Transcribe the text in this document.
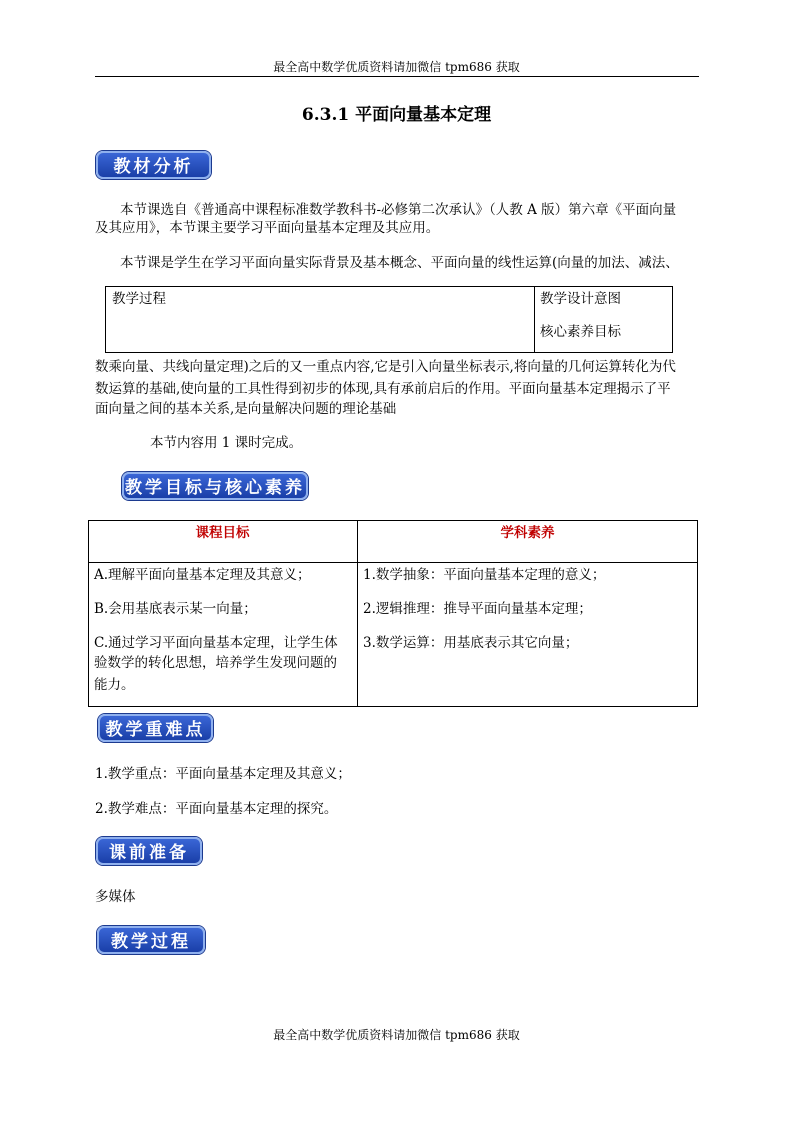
最全高中数学优质资料请加微信 tpm686 获取
6.3.1 平面向量基本定理
教材分析
本节课选自《普通高中课程标准数学教科书-必修第二次承认》（人教 A 版）第六章《平面向量
及其应用》，本节课主要学习平面向量基本定理及其应用。
本节课是学生在学习平面向量实际背景及基本概念、平面向量的线性运算(向量的加法、减法、
教学过程	教学设计意图
核心素养目标
数乘向量、共线向量定理)之后的又一重点内容,它是引入向量坐标表示,将向量的几何运算转化为代
数运算的基础,使向量的工具性得到初步的体现,具有承前启后的作用。平面向量基本定理揭示了平
面向量之间的基本关系,是向量解决问题的理论基础
本节内容用 1 课时完成。
教学目标与核心素养
课程目标	学科素养
A.理解平面向量基本定理及其意义；
B.会用基底表示某一向量；
C.通过学习平面向量基本定理，让学生体
验数学的转化思想，培养学生发现问题的
能力。
1.数学抽象：平面向量基本定理的意义；
2.逻辑推理：推导平面向量基本定理；
3.数学运算：用基底表示其它向量；
教学重难点
1.教学重点：平面向量基本定理及其意义；
2.教学难点：平面向量基本定理的探究。
课前准备
多媒体
教学过程
最全高中数学优质资料请加微信 tpm686 获取
